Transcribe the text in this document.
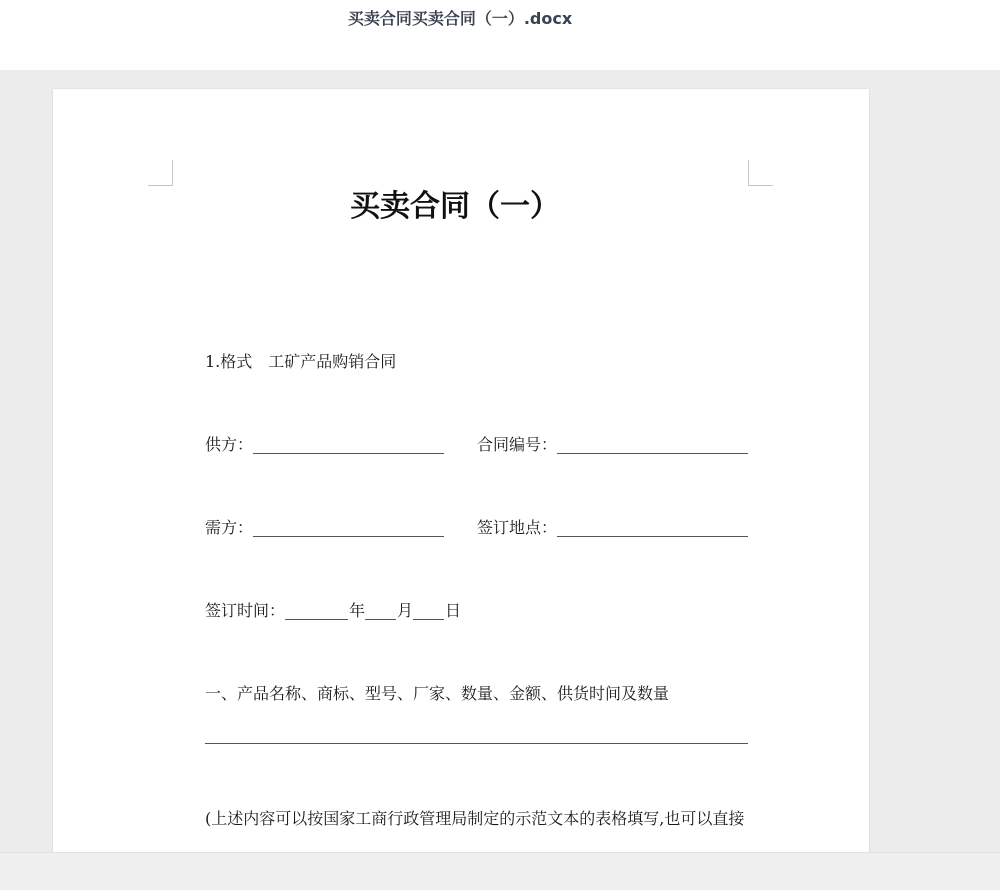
买卖合同买卖合同（一）.docx
买卖合同（一）
1.格式　工矿产品购销合同
供方：	合同编号：
需方：	签订地点：
签订时间：	年 月 日
一、产品名称、商标、型号、厂家、数量、金额、供货时间及数量
(上述内容可以按国家工商行政管理局制定的示范文本的表格填写,也可以直接
